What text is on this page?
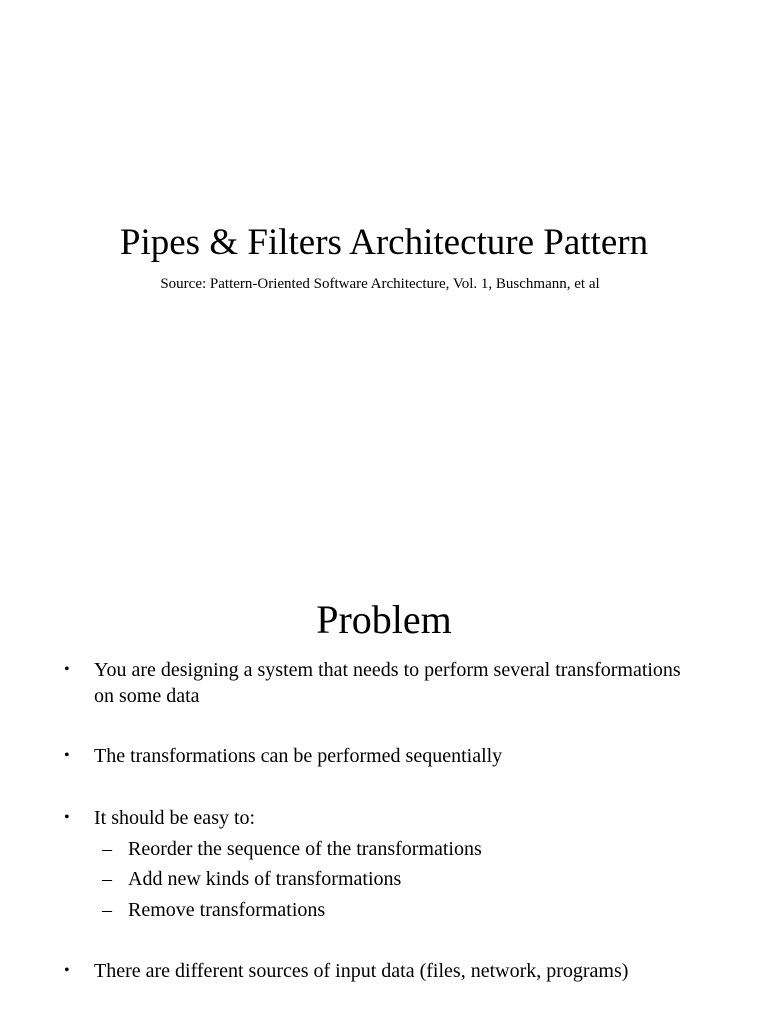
Pipes & Filters Architecture Pattern
Source: Pattern-Oriented Software Architecture, Vol. 1, Buschmann, et al
Problem
• You are designing a system that needs to perform several transformations
on some data
• The transformations can be performed sequentially
• It should be easy to:
– Reorder the sequence of the transformations
– Add new kinds of transformations
– Remove transformations
• There are different sources of input data (files, network, programs)
